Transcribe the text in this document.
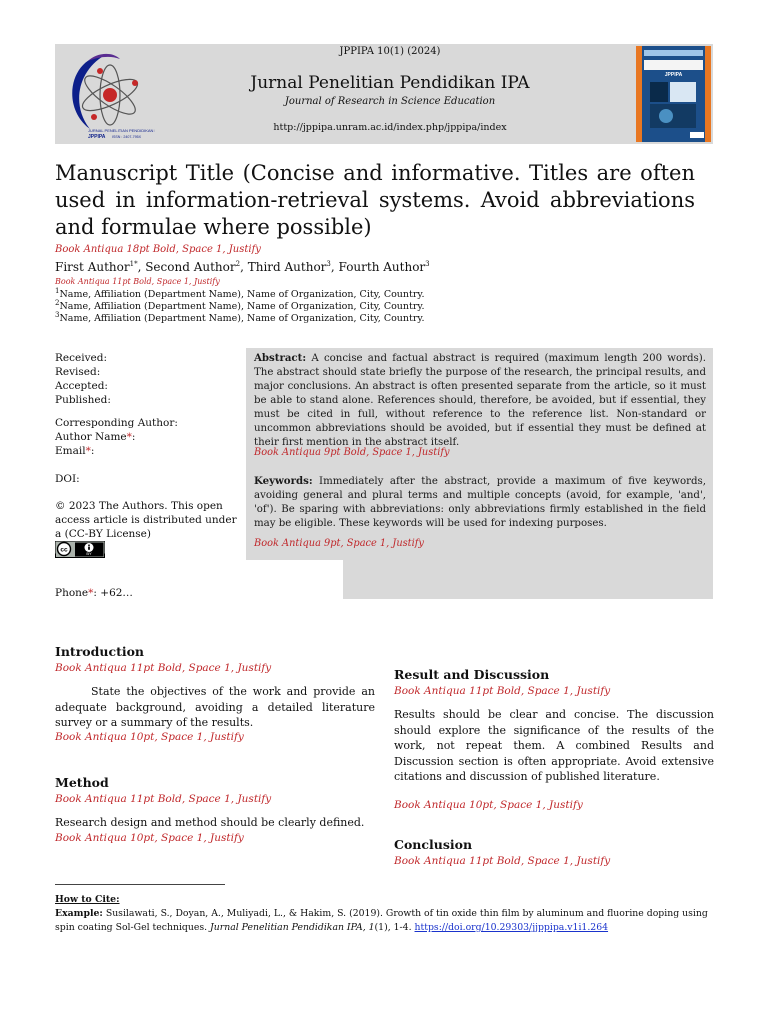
JURNAL PENELITIAN PENDIDIKAN IPA
JPPIPA ISSN : 2407-795X
JPPIPA 10(1) (2024)
Jurnal Penelitian Pendidikan IPA
Journal of Research in Science Education
http://jppipa.unram.ac.id/index.php/jppipa/index
JPPIPA
Manuscript Title (Concise and informative. Titles are often used in information-retrieval systems. Avoid abbreviations and formulae where possible)
Book Antiqua 18pt Bold, Space 1, Justify
First Author$^{1*}$, Second Author$^2$, Third Author$^3$, Fourth Author$^3$
Book Antiqua 11pt Bold, Space 1, Justify
$^1$Name, Affiliation (Department Name), Name of Organization, City, Country.
$^2$Name, Affiliation (Department Name), Name of Organization, City, Country.
$^3$Name, Affiliation (Department Name), Name of Organization, City, Country.
Received:
Revised:
Accepted:
Published:
Corresponding Author:
Author Name*:
Email*:
DOI:
© 2023 The Authors. This open access article is distributed under a (CC-BY License)
cc
BY
Phone*: +62…
Abstract: A concise and factual abstract is required (maximum length 200 words). The abstract should state briefly the purpose of the research, the principal results, and major conclusions. An abstract is often presented separate from the article, so it must be able to stand alone. References should, therefore, be avoided, but if essential, they must be cited in full, without reference to the reference list. Non-standard or uncommon abbreviations should be avoided, but if essential they must be defined at their first mention in the abstract itself.
Book Antiqua 9pt Bold, Space 1, Justify
Keywords: Immediately after the abstract, provide a maximum of five keywords, avoiding general and plural terms and multiple concepts (avoid, for example, 'and', 'of'). Be sparing with abbreviations: only abbreviations firmly established in the field may be eligible. These keywords will be used for indexing purposes.
Book Antiqua 9pt, Space 1, Justify
Introduction
Book Antiqua 11pt Bold, Space 1, Justify
State the objectives of the work and provide an adequate background, avoiding a detailed literature survey or a summary of the results.
Book Antiqua 10pt, Space 1, Justify
Method
Book Antiqua 11pt Bold, Space 1, Justify
Research design and method should be clearly defined.
Book Antiqua 10pt, Space 1, Justify
Result and Discussion
Book Antiqua 11pt Bold, Space 1, Justify
Results should be clear and concise. The discussion should explore the significance of the results of the work, not repeat them. A combined Results and Discussion section is often appropriate. Avoid extensive citations and discussion of published literature.
Book Antiqua 10pt, Space 1, Justify
Conclusion
Book Antiqua 11pt Bold, Space 1, Justify
How to Cite:
Example: Susilawati, S., Doyan, A., Muliyadi, L., & Hakim, S. (2019). Growth of tin oxide thin film by aluminum and fluorine doping using spin coating Sol-Gel techniques. Jurnal Penelitian Pendidikan IPA, 1(1), 1-4. https://doi.org/10.29303/jjppipa.v1i1.264
